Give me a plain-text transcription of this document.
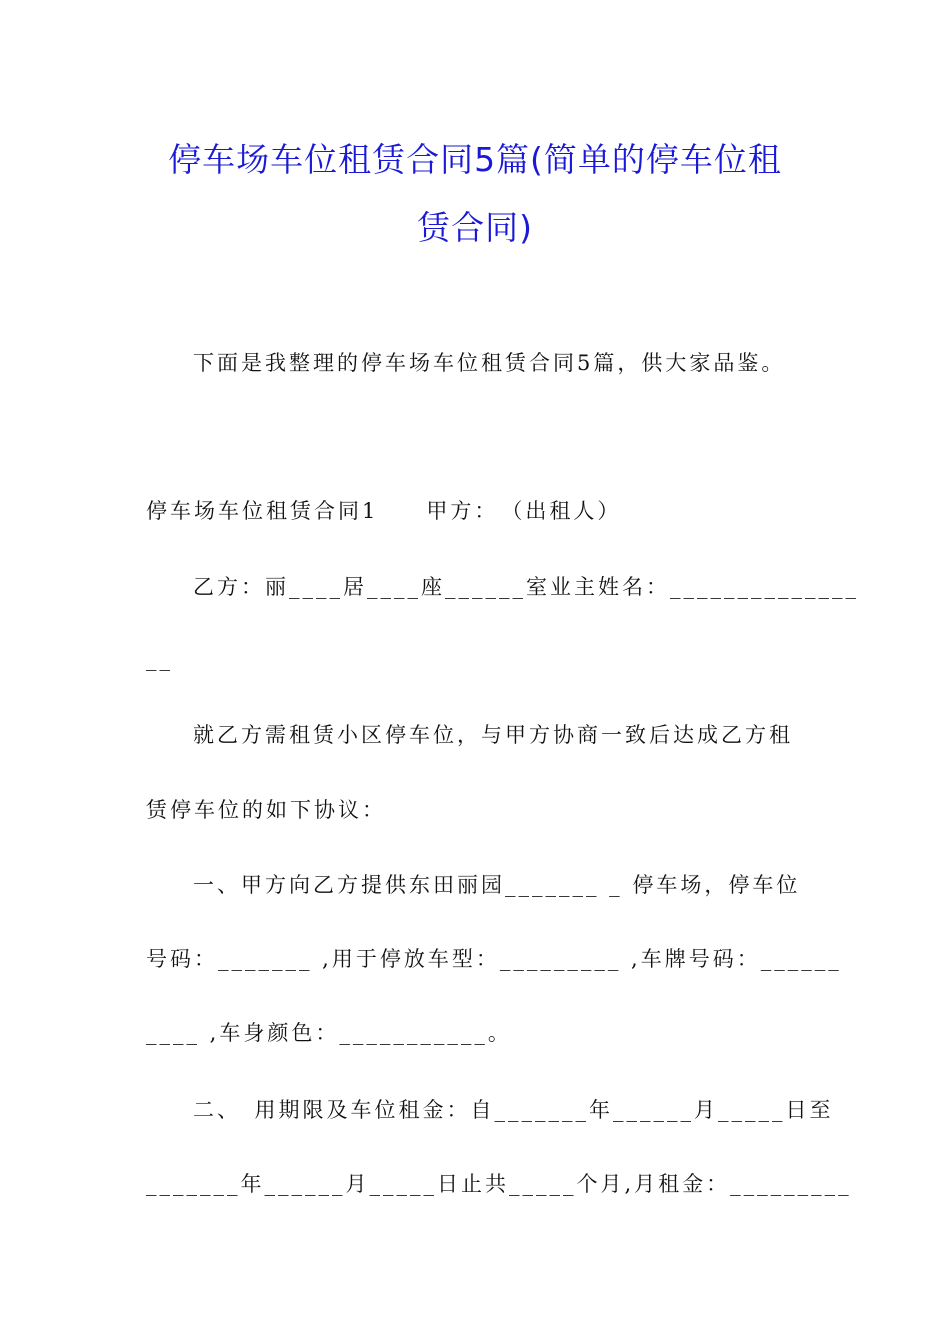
停车场车位租赁合同5篇(简单的停车位租
赁合同)
下面是我整理的停车场车位租赁合同5篇，供大家品鉴。
停车场车位租赁合同1　　甲方：　（出租人）
乙方：丽____居____座______室业主姓名：______________
__
就乙方需租赁小区停车位，与甲方协商一致后达成乙方租
赁停车位的如下协议：
一、甲方向乙方提供东田丽园_______ _ 停车场，停车位
号码：_______ ,用于停放车型：_________ ,车牌号码：______
____ ,车身颜色：___________。
二、　用期限及车位租金：自_______年______月_____日至
_______年______月_____日止共_____个月,月租金：_________
